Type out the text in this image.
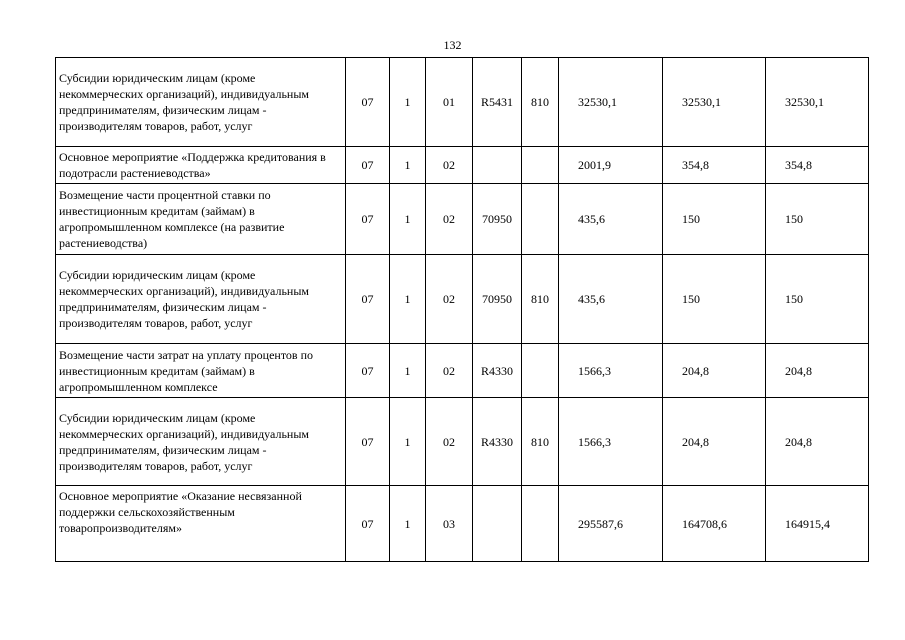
132
Субсидии юридическим лицам (кроме некоммерческих организаций), индивидуальным предпринимателям, физическим лицам - производителям товаров, работ, услуг	07	1	01	R5431	810	32530,1	32530,1	32530,1
Основное мероприятие «Поддержка кредитования в подотрасли растениеводства»	07	1	02			2001,9	354,8	354,8
Возмещение части процентной ставки по инвестиционным кредитам (займам) в агропромышленном комплексе (на развитие растениеводства)	07	1	02	70950		435,6	150	150
Субсидии юридическим лицам (кроме некоммерческих организаций), индивидуальным предпринимателям, физическим лицам - производителям товаров, работ, услуг	07	1	02	70950	810	435,6	150	150
Возмещение части затрат на уплату процентов по инвестиционным кредитам (займам) в агропромышленном комплексе	07	1	02	R4330		1566,3	204,8	204,8
Субсидии юридическим лицам (кроме некоммерческих организаций), индивидуальным предпринимателям, физическим лицам - производителям товаров, работ, услуг	07	1	02	R4330	810	1566,3	204,8	204,8
Основное мероприятие «Оказание несвязанной поддержки сельскохозяйственным товаропроизводителям»	07	1	03			295587,6	164708,6	164915,4
